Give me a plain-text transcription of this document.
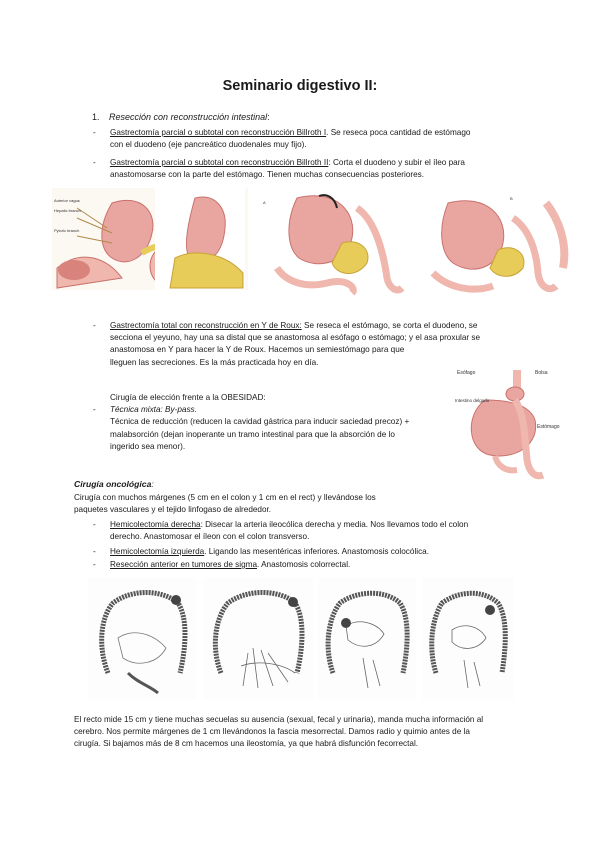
Seminario digestivo II:
1. Resección con reconstrucción intestinal:
-	Gastrectomía parcial o subtotal con reconstrucción Billroth I. Se reseca poca cantidad de estómago
con el duodeno (eje pancreático duodenales muy fijo).
-	Gastrectomía parcial o subtotal con reconstrucción Billroth II: Corta el duodeno y subir el íleo para
anastomosarse con la parte del estómago. Tienen muchas consecuencias posteriores.
Anterior vagus
Hepatic branch
Pyloric branch
A
B
-	Gastrectomía total con reconstrucción en Y de Roux: Se reseca el estómago, se corta el duodeno, se
secciona el yeyuno, hay una sa distal que se anastomosa al esófago o estómago; y el asa proxular se
anastomosa en Y para hacer la Y de Roux. Hacemos un semiestómago para que
lleguen las secreciones. Es la más practicada hoy en día.
Cirugía de elección frente a la OBESIDAD:
Técnica mixta: By-pass.
Técnica de reducción (reducen la cavidad gástrica para inducir saciedad precoz) +
malabsorción (dejan inoperante un tramo intestinal para que la absorción de lo
ingerido sea menor).
-
Esófago	Bolsa
Intestino delgado
Estómago
Cirugía oncológica:
Cirugía con muchos márgenes (5 cm en el colon y 1 cm en el rect) y llevándose los
paquetes vasculares y el tejido linfogaso de alrededor.
-	Hemicolectomía derecha: Disecar la arteria ileocólica derecha y media. Nos llevamos todo el colon
derecho. Anastomosar el íleon con el colon transverso.
-	Hemicolectomía izquierda. Ligando las mesentéricas inferiores. Anastomosis colocólica.
-	Resección anterior en tumores de sigma. Anastomosis colorrectal.
El recto mide 15 cm y tiene muchas secuelas su ausencia (sexual, fecal y urinaria), manda mucha información al
cerebro. Nos permite márgenes de 1 cm llevándonos la fascia mesorrectal. Damos radio y quimio antes de la
cirugía. Si bajamos más de 8 cm hacemos una ileostomía, ya que habrá disfunción fecorrectal.
